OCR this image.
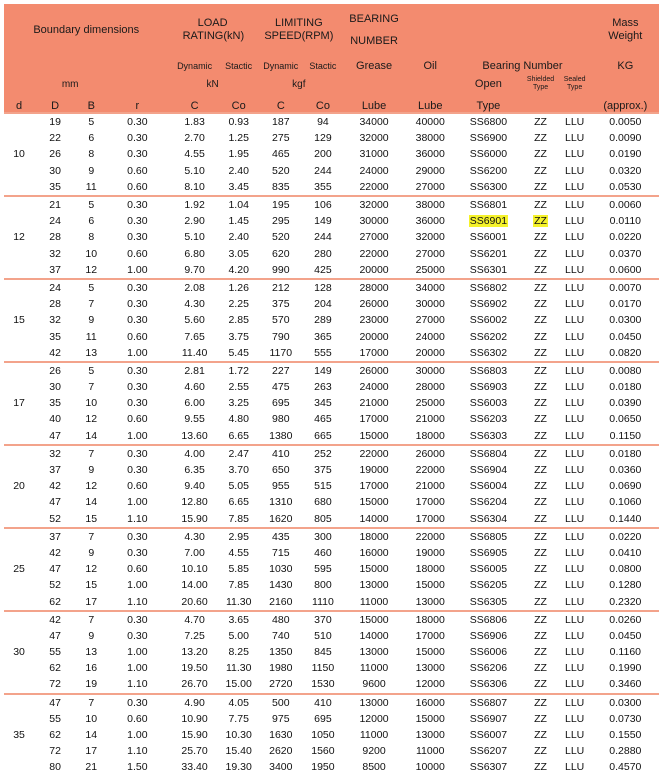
Boundary dimensions				LOAD RATING(kN)		LIMITING SPEED(RPM)		BEARING NUMBER					Mass Weight
				Dynamic	Stactic	Dynamic	Stactic	Grease	Oil	Bearing Number			KG
	mm			kN		kgf				Open	Shielded Type	Sealed Type	
d	D	B	r	C	Co	C	Co	Lube	Lube	Type			(approx.)
10	19	5	0.30	1.83	0.93	187	94	34000	40000	SS6800	ZZ	LLU	0.0050
	22	6	0.30	2.70	1.25	275	129	32000	38000	SS6900	ZZ	LLU	0.0090
	26	8	0.30	4.55	1.95	465	200	31000	36000	SS6000	ZZ	LLU	0.0190
	30	9	0.60	5.10	2.40	520	244	24000	29000	SS6200	ZZ	LLU	0.0320
	35	11	0.60	8.10	3.45	835	355	22000	27000	SS6300	ZZ	LLU	0.0530
12	21	5	0.30	1.92	1.04	195	106	32000	38000	SS6801	ZZ	LLU	0.0060
	24	6	0.30	2.90	1.45	295	149	30000	36000	SS6901	ZZ	LLU	0.0110
	28	8	0.30	5.10	2.40	520	244	27000	32000	SS6001	ZZ	LLU	0.0220
	32	10	0.60	6.80	3.05	620	280	22000	27000	SS6201	ZZ	LLU	0.0370
	37	12	1.00	9.70	4.20	990	425	20000	25000	SS6301	ZZ	LLU	0.0600
15	24	5	0.30	2.08	1.26	212	128	28000	34000	SS6802	ZZ	LLU	0.0070
	28	7	0.30	4.30	2.25	375	204	26000	30000	SS6902	ZZ	LLU	0.0170
	32	9	0.30	5.60	2.85	570	289	23000	27000	SS6002	ZZ	LLU	0.0300
	35	11	0.60	7.65	3.75	790	365	20000	24000	SS6202	ZZ	LLU	0.0450
	42	13	1.00	11.40	5.45	1170	555	17000	20000	SS6302	ZZ	LLU	0.0820
17	26	5	0.30	2.81	1.72	227	149	26000	30000	SS6803	ZZ	LLU	0.0080
	30	7	0.30	4.60	2.55	475	263	24000	28000	SS6903	ZZ	LLU	0.0180
	35	10	0.30	6.00	3.25	695	345	21000	25000	SS6003	ZZ	LLU	0.0390
	40	12	0.60	9.55	4.80	980	465	17000	21000	SS6203	ZZ	LLU	0.0650
	47	14	1.00	13.60	6.65	1380	665	15000	18000	SS6303	ZZ	LLU	0.1150
20	32	7	0.30	4.00	2.47	410	252	22000	26000	SS6804	ZZ	LLU	0.0180
	37	9	0.30	6.35	3.70	650	375	19000	22000	SS6904	ZZ	LLU	0.0360
	42	12	0.60	9.40	5.05	955	515	17000	21000	SS6004	ZZ	LLU	0.0690
	47	14	1.00	12.80	6.65	1310	680	15000	17000	SS6204	ZZ	LLU	0.1060
	52	15	1.10	15.90	7.85	1620	805	14000	17000	SS6304	ZZ	LLU	0.1440
25	37	7	0.30	4.30	2.95	435	300	18000	22000	SS6805	ZZ	LLU	0.0220
	42	9	0.30	7.00	4.55	715	460	16000	19000	SS6905	ZZ	LLU	0.0410
	47	12	0.60	10.10	5.85	1030	595	15000	18000	SS6005	ZZ	LLU	0.0800
	52	15	1.00	14.00	7.85	1430	800	13000	15000	SS6205	ZZ	LLU	0.1280
	62	17	1.10	20.60	11.30	2160	1110	11000	13000	SS6305	ZZ	LLU	0.2320
30	42	7	0.30	4.70	3.65	480	370	15000	18000	SS6806	ZZ	LLU	0.0260
	47	9	0.30	7.25	5.00	740	510	14000	17000	SS6906	ZZ	LLU	0.0450
	55	13	1.00	13.20	8.25	1350	845	13000	15000	SS6006	ZZ	LLU	0.1160
	62	16	1.00	19.50	11.30	1980	1150	11000	13000	SS6206	ZZ	LLU	0.1990
	72	19	1.10	26.70	15.00	2720	1530	9600	12000	SS6306	ZZ	LLU	0.3460
35	47	7	0.30	4.90	4.05	500	410	13000	16000	SS6807	ZZ	LLU	0.0300
	55	10	0.60	10.90	7.75	975	695	12000	15000	SS6907	ZZ	LLU	0.0730
	62	14	1.00	15.90	10.30	1630	1050	11000	13000	SS6007	ZZ	LLU	0.1550
	72	17	1.10	25.70	15.40	2620	1560	9200	11000	SS6207	ZZ	LLU	0.2880
	80	21	1.50	33.40	19.30	3400	1950	8500	10000	SS6307	ZZ	LLU	0.4570
